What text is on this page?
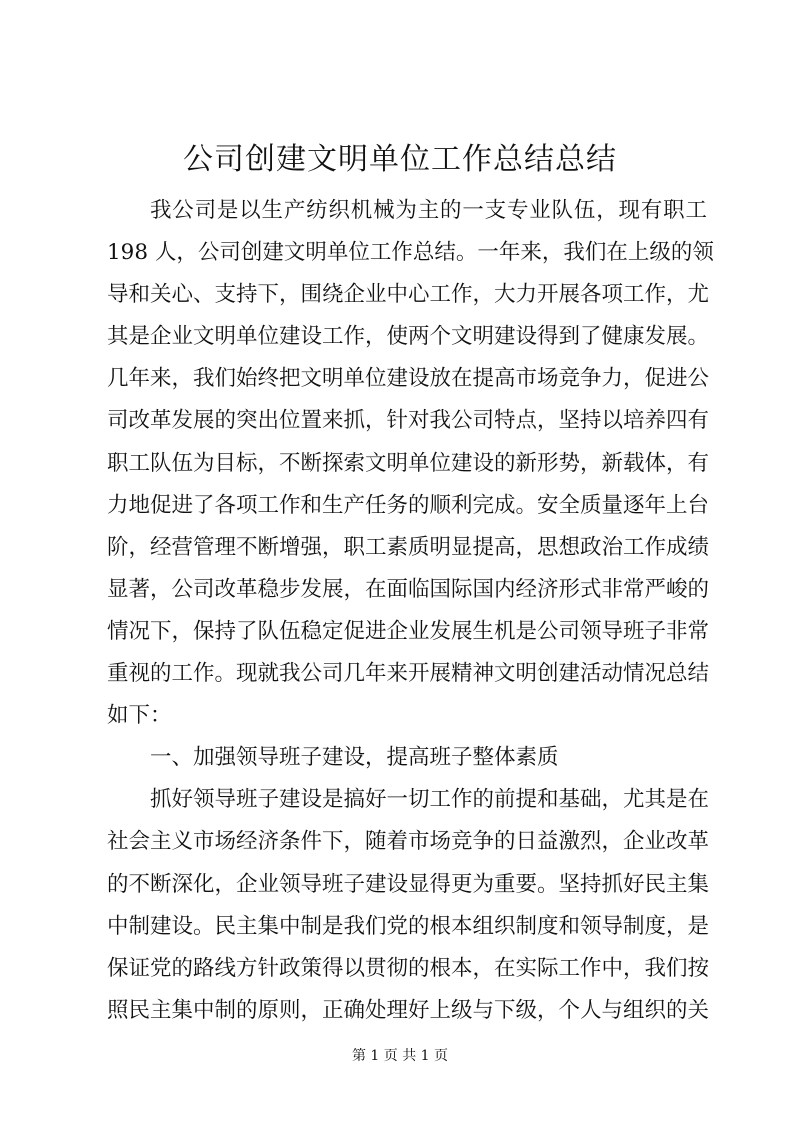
公司创建文明单位工作总结总结
我公司是以生产纺织机械为主的一支专业队伍，现有职工
198 人，公司创建文明单位工作总结。一年来，我们在上级的领
导和关心、支持下，围绕企业中心工作，大力开展各项工作，尤
其是企业文明单位建设工作，使两个文明建设得到了健康发展。
几年来，我们始终把文明单位建设放在提高市场竞争力，促进公
司改革发展的突出位置来抓，针对我公司特点，坚持以培养四有
职工队伍为目标，不断探索文明单位建设的新形势，新载体，有
力地促进了各项工作和生产任务的顺利完成。安全质量逐年上台
阶，经营管理不断增强，职工素质明显提高，思想政治工作成绩
显著，公司改革稳步发展，在面临国际国内经济形式非常严峻的
情况下，保持了队伍稳定促进企业发展生机是公司领导班子非常
重视的工作。现就我公司几年来开展精神文明创建活动情况总结
如下：
一、加强领导班子建设，提高班子整体素质
抓好领导班子建设是搞好一切工作的前提和基础，尤其是在
社会主义市场经济条件下，随着市场竞争的日益激烈，企业改革
的不断深化，企业领导班子建设显得更为重要。坚持抓好民主集
中制建设。民主集中制是我们党的根本组织制度和领导制度，是
保证党的路线方针政策得以贯彻的根本，在实际工作中，我们按
照民主集中制的原则，正确处理好上级与下级，个人与组织的关
第 1 页 共 1 页
